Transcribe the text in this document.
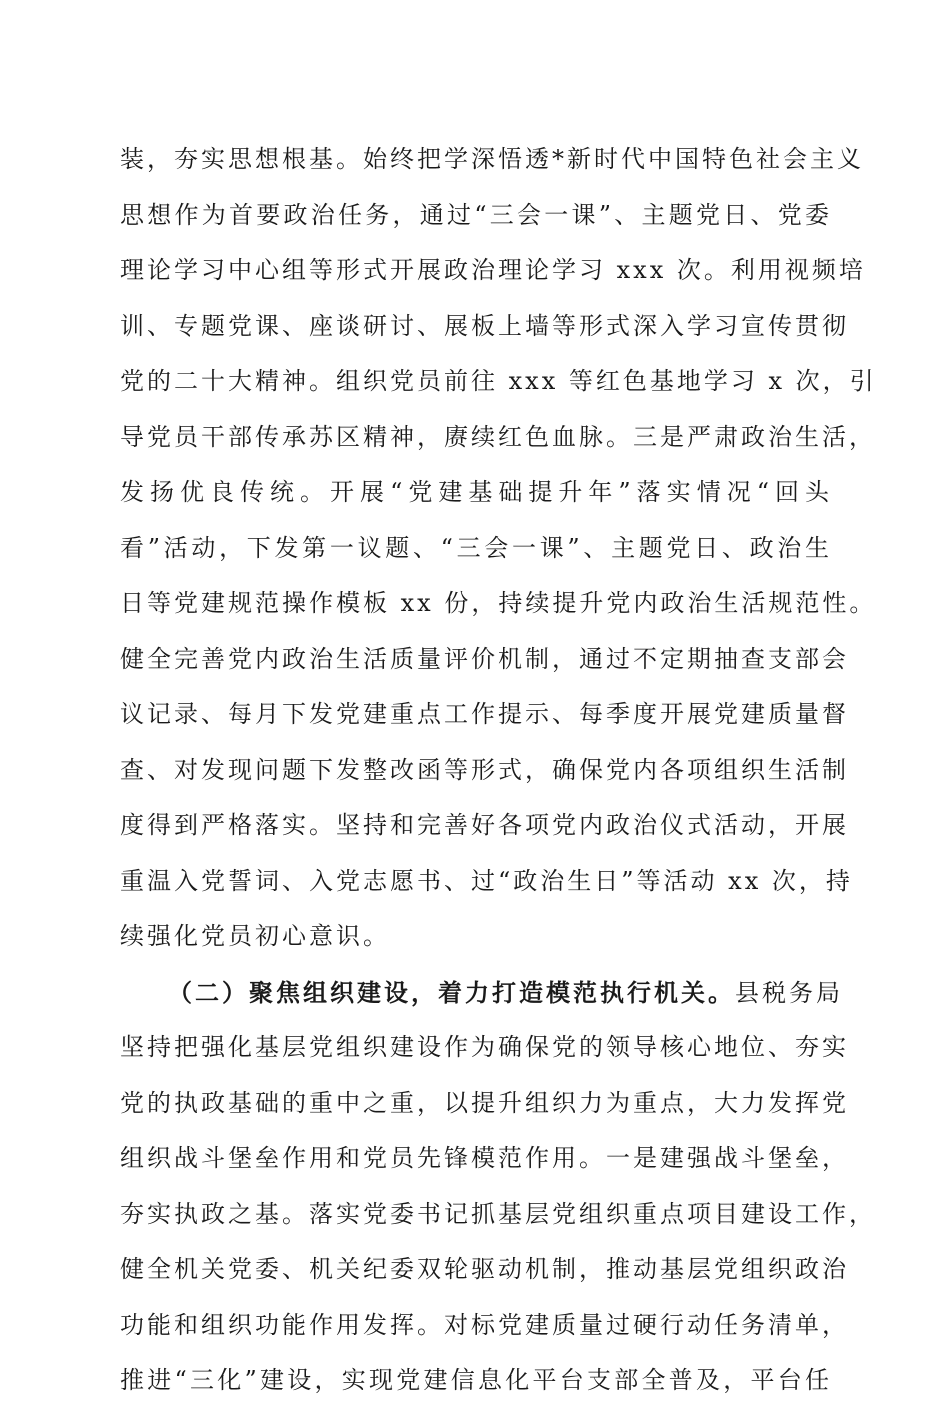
装，夯实思想根基。始终把学深悟透*新时代中国特色社会主义
思想作为首要政治任务，通过“三会一课”、主题党日、党委
理论学习中心组等形式开展政治理论学习 xxx 次。利用视频培
训、专题党课、座谈研讨、展板上墙等形式深入学习宣传贯彻
党的二十大精神。组织党员前往 xxx 等红色基地学习 x 次，引
导党员干部传承苏区精神，赓续红色血脉。三是严肃政治生活，
发扬优良传统。开展“党建基础提升年”落实情况“回头
看”活动，下发第一议题、“三会一课”、主题党日、政治生
日等党建规范操作模板 xx 份，持续提升党内政治生活规范性。
健全完善党内政治生活质量评价机制，通过不定期抽查支部会
议记录、每月下发党建重点工作提示、每季度开展党建质量督
查、对发现问题下发整改函等形式，确保党内各项组织生活制
度得到严格落实。坚持和完善好各项党内政治仪式活动，开展
重温入党誓词、入党志愿书、过“政治生日”等活动 xx 次，持
续强化党员初心意识。
（二）聚焦组织建设，着力打造模范执行机关。县税务局
坚持把强化基层党组织建设作为确保党的领导核心地位、夯实
党的执政基础的重中之重，以提升组织力为重点，大力发挥党
组织战斗堡垒作用和党员先锋模范作用。一是建强战斗堡垒，
夯实执政之基。落实党委书记抓基层党组织重点项目建设工作，
健全机关党委、机关纪委双轮驱动机制，推动基层党组织政治
功能和组织功能作用发挥。对标党建质量过硬行动任务清单，
推进“三化”建设，实现党建信息化平台支部全普及，平台任
